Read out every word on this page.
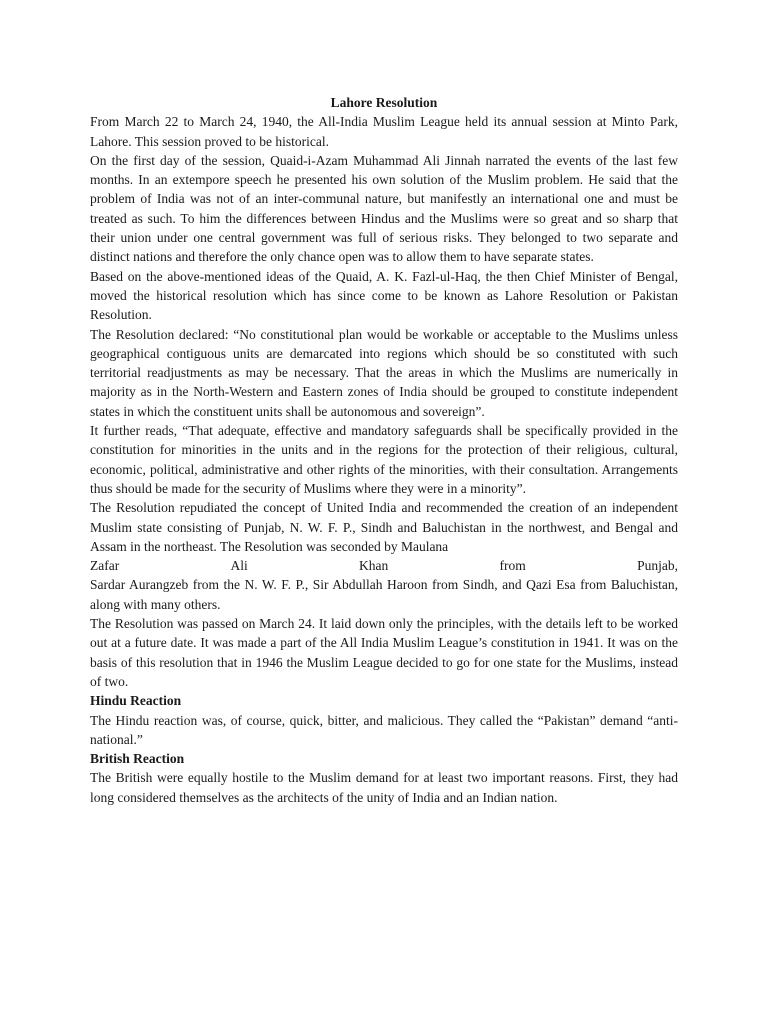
Lahore Resolution

From March 22 to March 24, 1940, the All-India Muslim League held its annual session at Minto Park, Lahore. This session proved to be historical.

On the first day of the session, Quaid-i-Azam Muhammad Ali Jinnah narrated the events of the last few months. In an extempore speech he presented his own solution of the Muslim problem. He said that the problem of India was not of an inter-communal nature, but manifestly an international one and must be treated as such. To him the differences between Hindus and the Muslims were so great and so sharp that their union under one central government was full of serious risks. They belonged to two separate and distinct nations and therefore the only chance open was to allow them to have separate states.

Based on the above-mentioned ideas of the Quaid, A. K. Fazl-ul-Haq, the then Chief Minister of Bengal, moved the historical resolution which has since come to be known as Lahore Resolution or Pakistan Resolution.

The Resolution declared: “No constitutional plan would be workable or acceptable to the Muslims unless geographical contiguous units are demarcated into regions which should be so constituted with such territorial readjustments as may be necessary. That the areas in which the Muslims are numerically in majority as in the North-Western and Eastern zones of India should be grouped to constitute independent states in which the constituent units shall be autonomous and sovereign”.

It further reads, “That adequate, effective and mandatory safeguards shall be specifically provided in the constitution for minorities in the units and in the regions for the protection of their religious, cultural, economic, political, administrative and other rights of the minorities, with their consultation. Arrangements thus should be made for the security of Muslims where they were in a minority”.

The Resolution repudiated the concept of United India and recommended the creation of an independent Muslim state consisting of Punjab, N. W. F. P., Sindh and Baluchistan in the northwest, and Bengal and Assam in the northeast. The Resolution was seconded by Maulana

Zafar	Ali	Khan	from	Punjab,

Sardar Aurangzeb from the N. W. F. P., Sir Abdullah Haroon from Sindh, and Qazi Esa from Baluchistan, along with many others.

The Resolution was passed on March 24. It laid down only the principles, with the details left to be worked out at a future date. It was made a part of the All India Muslim League’s constitution in 1941. It was on the basis of this resolution that in 1946 the Muslim League decided to go for one state for the Muslims, instead of two.

Hindu Reaction

The Hindu reaction was, of course, quick, bitter, and malicious. They called the “Pakistan” demand “anti-national.”

British Reaction

The British were equally hostile to the Muslim demand for at least two important reasons. First, they had long considered themselves as the architects of the unity of India and an Indian nation.
